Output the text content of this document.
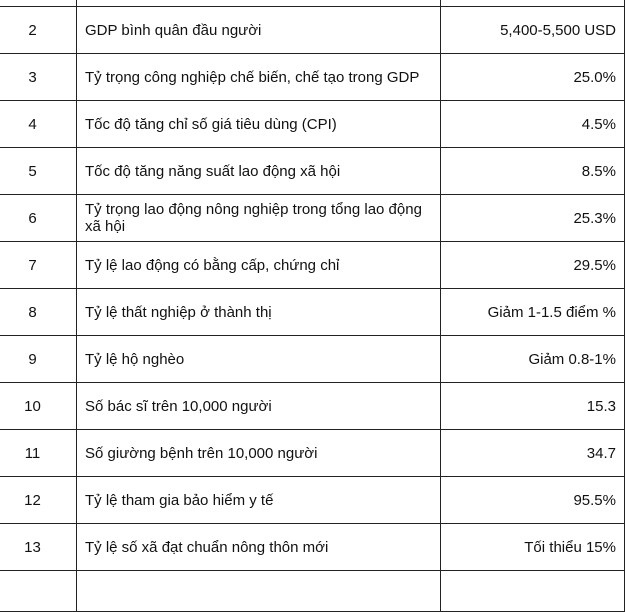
2	GDP bình quân đầu người	5,400-5,500 USD
3	Tỷ trọng công nghiệp chế biến, chế tạo trong GDP	25.0%
4	Tốc độ tăng chỉ số giá tiêu dùng (CPI)	4.5%
5	Tốc độ tăng năng suất lao động xã hội	8.5%
6	Tỷ trọng lao động nông nghiệp trong tổng lao động xã hội	25.3%
7	Tỷ lệ lao động có bằng cấp, chứng chỉ	29.5%
8	Tỷ lệ thất nghiệp ở thành thị	Giảm 1-1.5 điểm %
9	Tỷ lệ hộ nghèo	Giảm 0.8-1%
10	Số bác sĩ trên 10,000 người	15.3
11	Số giường bệnh trên 10,000 người	34.7
12	Tỷ lệ tham gia bảo hiểm y tế	95.5%
13	Tỷ lệ số xã đạt chuẩn nông thôn mới	Tối thiểu 15%
